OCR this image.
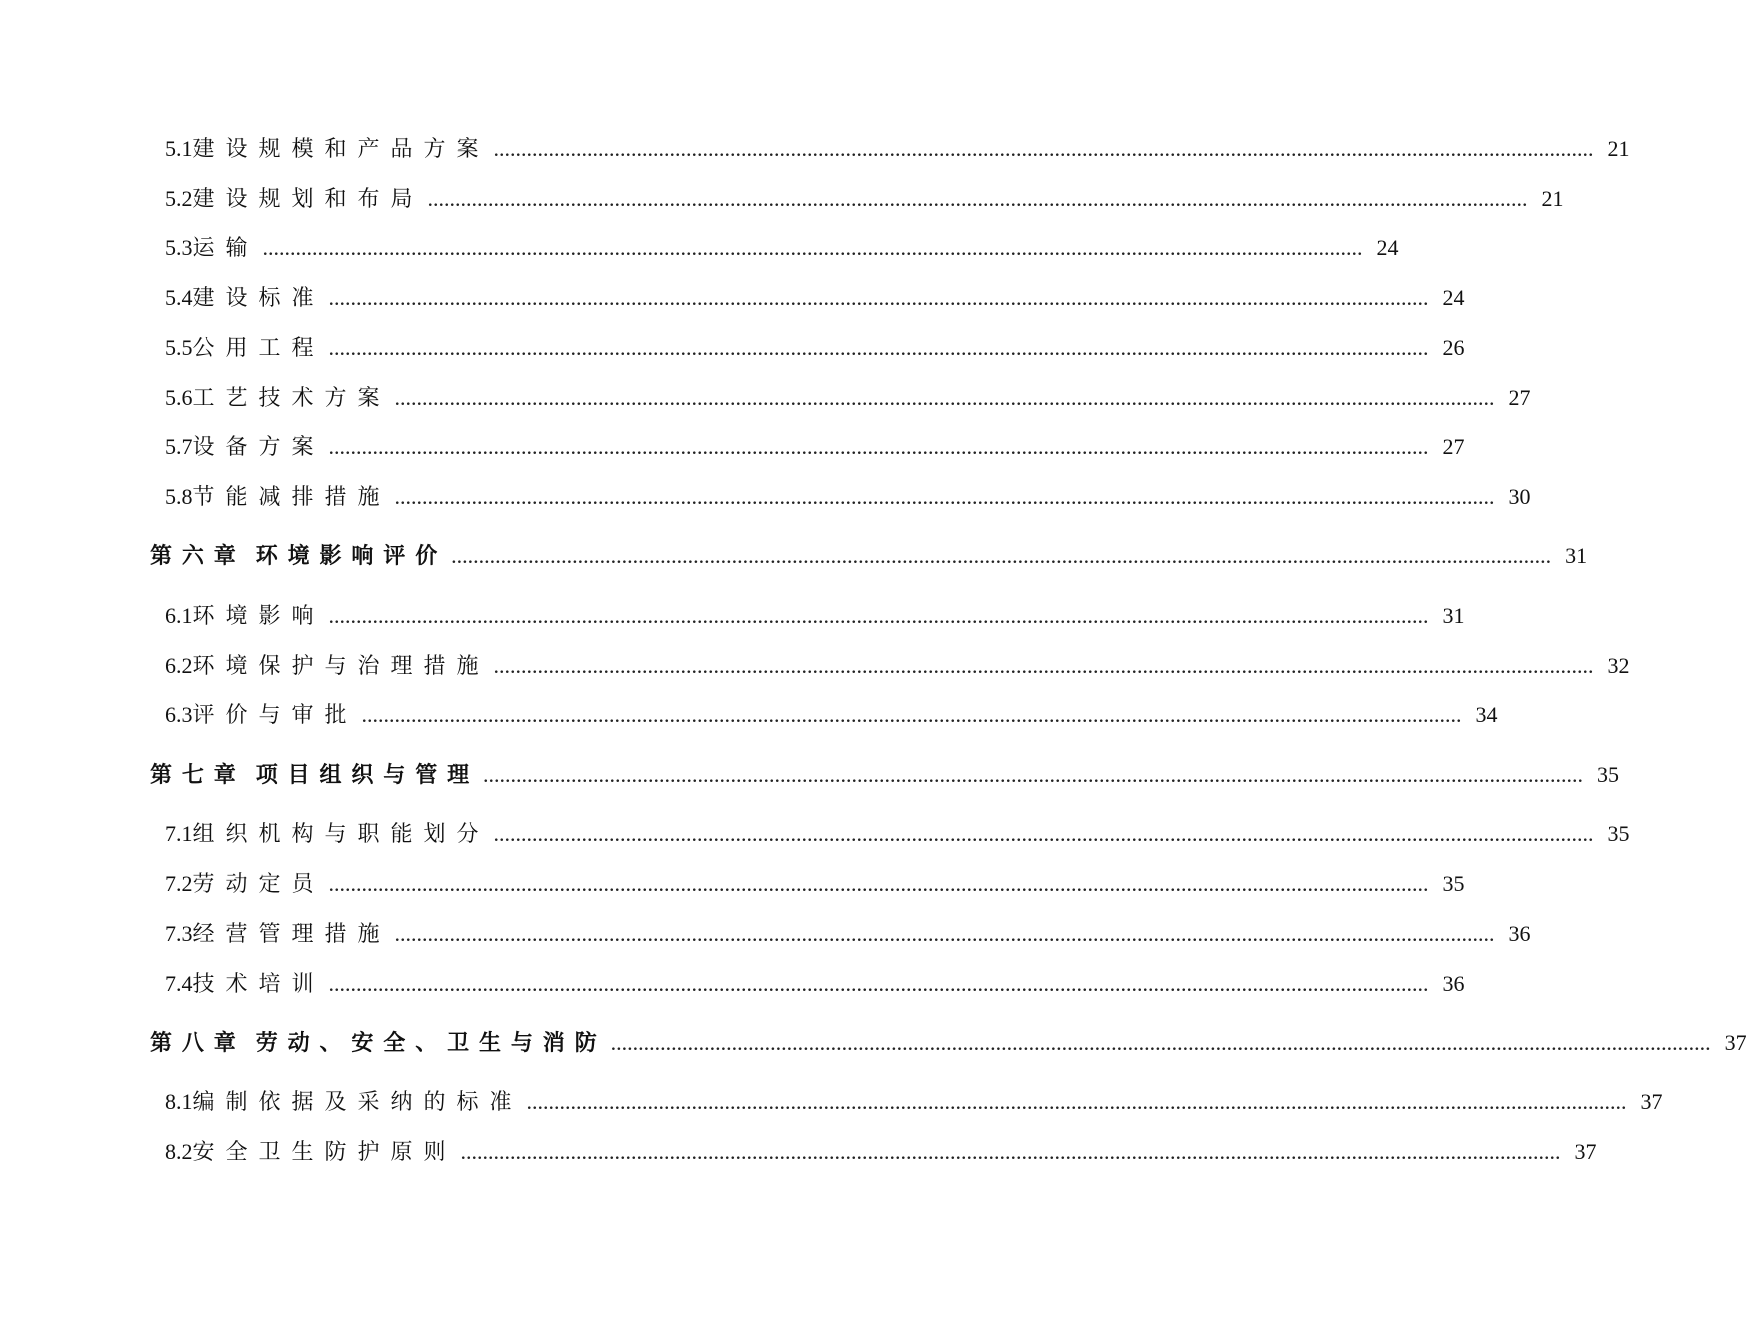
5.1 建设规模和产品方案 ........................................................................................................................................................................................................ 21
5.2 建设规划和布局 ........................................................................................................................................................................................................ 21
5.3 运输 ........................................................................................................................................................................................................ 24
5.4 建设标准 ........................................................................................................................................................................................................ 24
5.5 公用工程 ........................................................................................................................................................................................................ 26
5.6 工艺技术方案 ........................................................................................................................................................................................................ 27
5.7 设备方案 ........................................................................................................................................................................................................ 27
5.8 节能减排措施 ........................................................................................................................................................................................................ 30
第六章 环境影响评价 ........................................................................................................................................................................................................ 31
6.1 环境影响 ........................................................................................................................................................................................................ 31
6.2 环境保护与治理措施 ........................................................................................................................................................................................................ 32
6.3 评价与审批 ........................................................................................................................................................................................................ 34
第七章 项目组织与管理 ........................................................................................................................................................................................................ 35
7.1 组织机构与职能划分 ........................................................................................................................................................................................................ 35
7.2 劳动定员 ........................................................................................................................................................................................................ 35
7.3 经营管理措施 ........................................................................................................................................................................................................ 36
7.4 技术培训 ........................................................................................................................................................................................................ 36
第八章 劳动、安全、卫生与消防 ........................................................................................................................................................................................................ 37
8.1 编制依据及采纳的标准 ........................................................................................................................................................................................................ 37
8.2 安全卫生防护原则 ........................................................................................................................................................................................................ 37
